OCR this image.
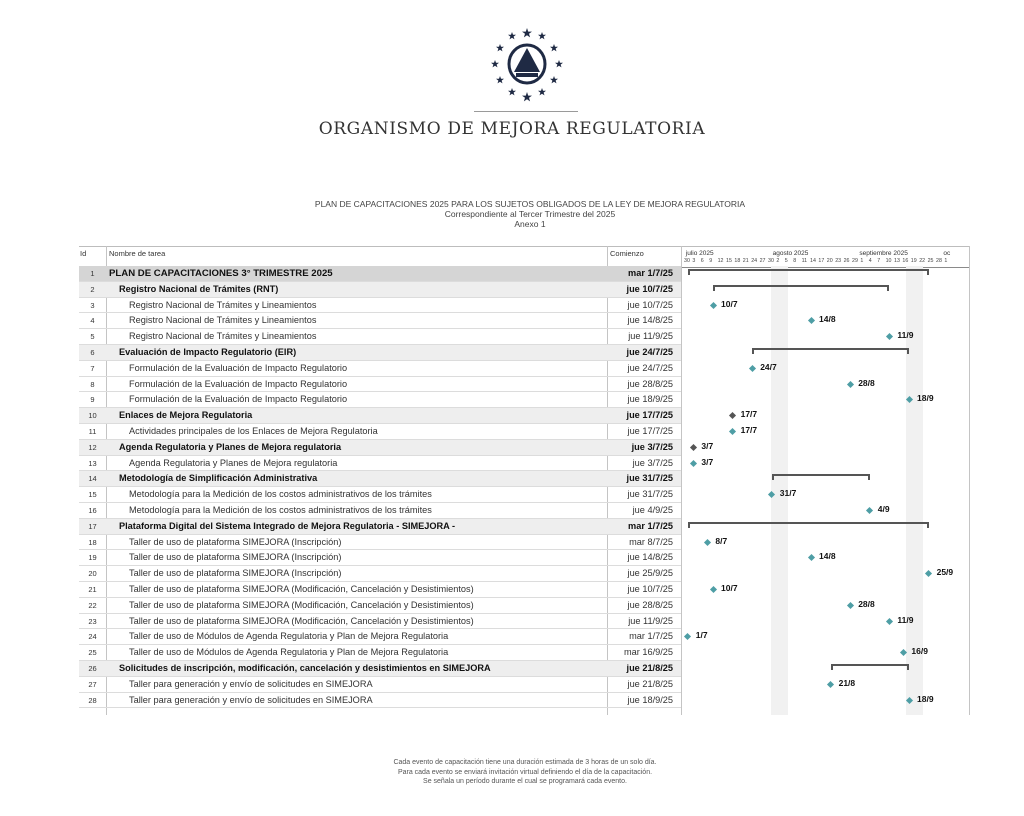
ORGANISMO DE MEJORA REGULATORIA
PLAN DE CAPACITACIONES 2025 PARA LOS SUJETOS OBLIGADOS DE LA LEY DE MEJORA REGULATORIA
Correspondiente al Tercer Trimestre del 2025
Anexo 1
Id	Nombre de tarea	Comienzo
1	PLAN DE CAPACITACIONES 3° TRIMESTRE 2025	mar 1/7/25
2	Registro Nacional de Trámites (RNT)	jue 10/7/25
3	Registro Nacional de Trámites y Lineamientos	jue 10/7/25
4	Registro Nacional de Trámites y Lineamientos	jue 14/8/25
5	Registro Nacional de Trámites y Lineamientos	jue 11/9/25
6	Evaluación de Impacto Regulatorio (EIR)	jue 24/7/25
7	Formulación de la Evaluación de Impacto Regulatorio	jue 24/7/25
8	Formulación de la Evaluación de Impacto Regulatorio	jue 28/8/25
9	Formulación de la Evaluación de Impacto Regulatorio	jue 18/9/25
10	Enlaces de Mejora Regulatoria	jue 17/7/25
11	Actividades principales de los Enlaces de Mejora Regulatoria	jue 17/7/25
12	Agenda Regulatoria y Planes de Mejora regulatoria	jue 3/7/25
13	Agenda Regulatoria y Planes de Mejora regulatoria	jue 3/7/25
14	Metodología de Simplificación Administrativa	jue 31/7/25
15	Metodología para la Medición de los costos administrativos de los trámites	jue 31/7/25
16	Metodología para la Medición de los costos administrativos de los trámites	jue 4/9/25
17	Plataforma Digital del Sistema Integrado de Mejora Regulatoria - SIMEJORA -	mar 1/7/25
18	Taller de uso de plataforma SIMEJORA (Inscripción)	mar 8/7/25
19	Taller de uso de plataforma SIMEJORA (Inscripción)	jue 14/8/25
20	Taller de uso de plataforma SIMEJORA (Inscripción)	jue 25/9/25
21	Taller de uso de plataforma SIMEJORA (Modificación, Cancelación y Desistimientos)	jue 10/7/25
22	Taller de uso de plataforma SIMEJORA (Modificación, Cancelación y Desistimientos)	jue 28/8/25
23	Taller de uso de plataforma SIMEJORA (Modificación, Cancelación y Desistimientos)	jue 11/9/25
24	Taller de uso de Módulos de Agenda Regulatoria y Plan de Mejora Regulatoria	mar 1/7/25
25	Taller de uso de Módulos de Agenda Regulatoria y Plan de Mejora Regulatoria	mar 16/9/25
26	Solicitudes de inscripción, modificación, cancelación y desistimientos en SIMEJORA	jue 21/8/25
27	Taller para generación y envío de solicitudes en SIMEJORA	jue 21/8/25
28	Taller para generación y envío de solicitudes en SIMEJORA	jue 18/9/25
julio 2025	agosto 2025	septiembre 2025	oc
30 3 6 9 12 15 18 21 24 27 30 2 5 8 11 14 17 20 23 26 29 1 4 7 10 13 16 19 22 25 28 1
10/7
14/8
11/9
24/7
28/8
18/9
17/7
17/7
3/7
3/7
31/7
4/9
8/7
14/8
25/9
10/7
28/8
11/9
1/7
16/9
21/8
18/9
Cada evento de capacitación tiene una duración estimada de 3 horas de un solo día.
Para cada evento se enviará invitación virtual definiendo el día de la capacitación.
Se señala un período durante el cual se programará cada evento.
